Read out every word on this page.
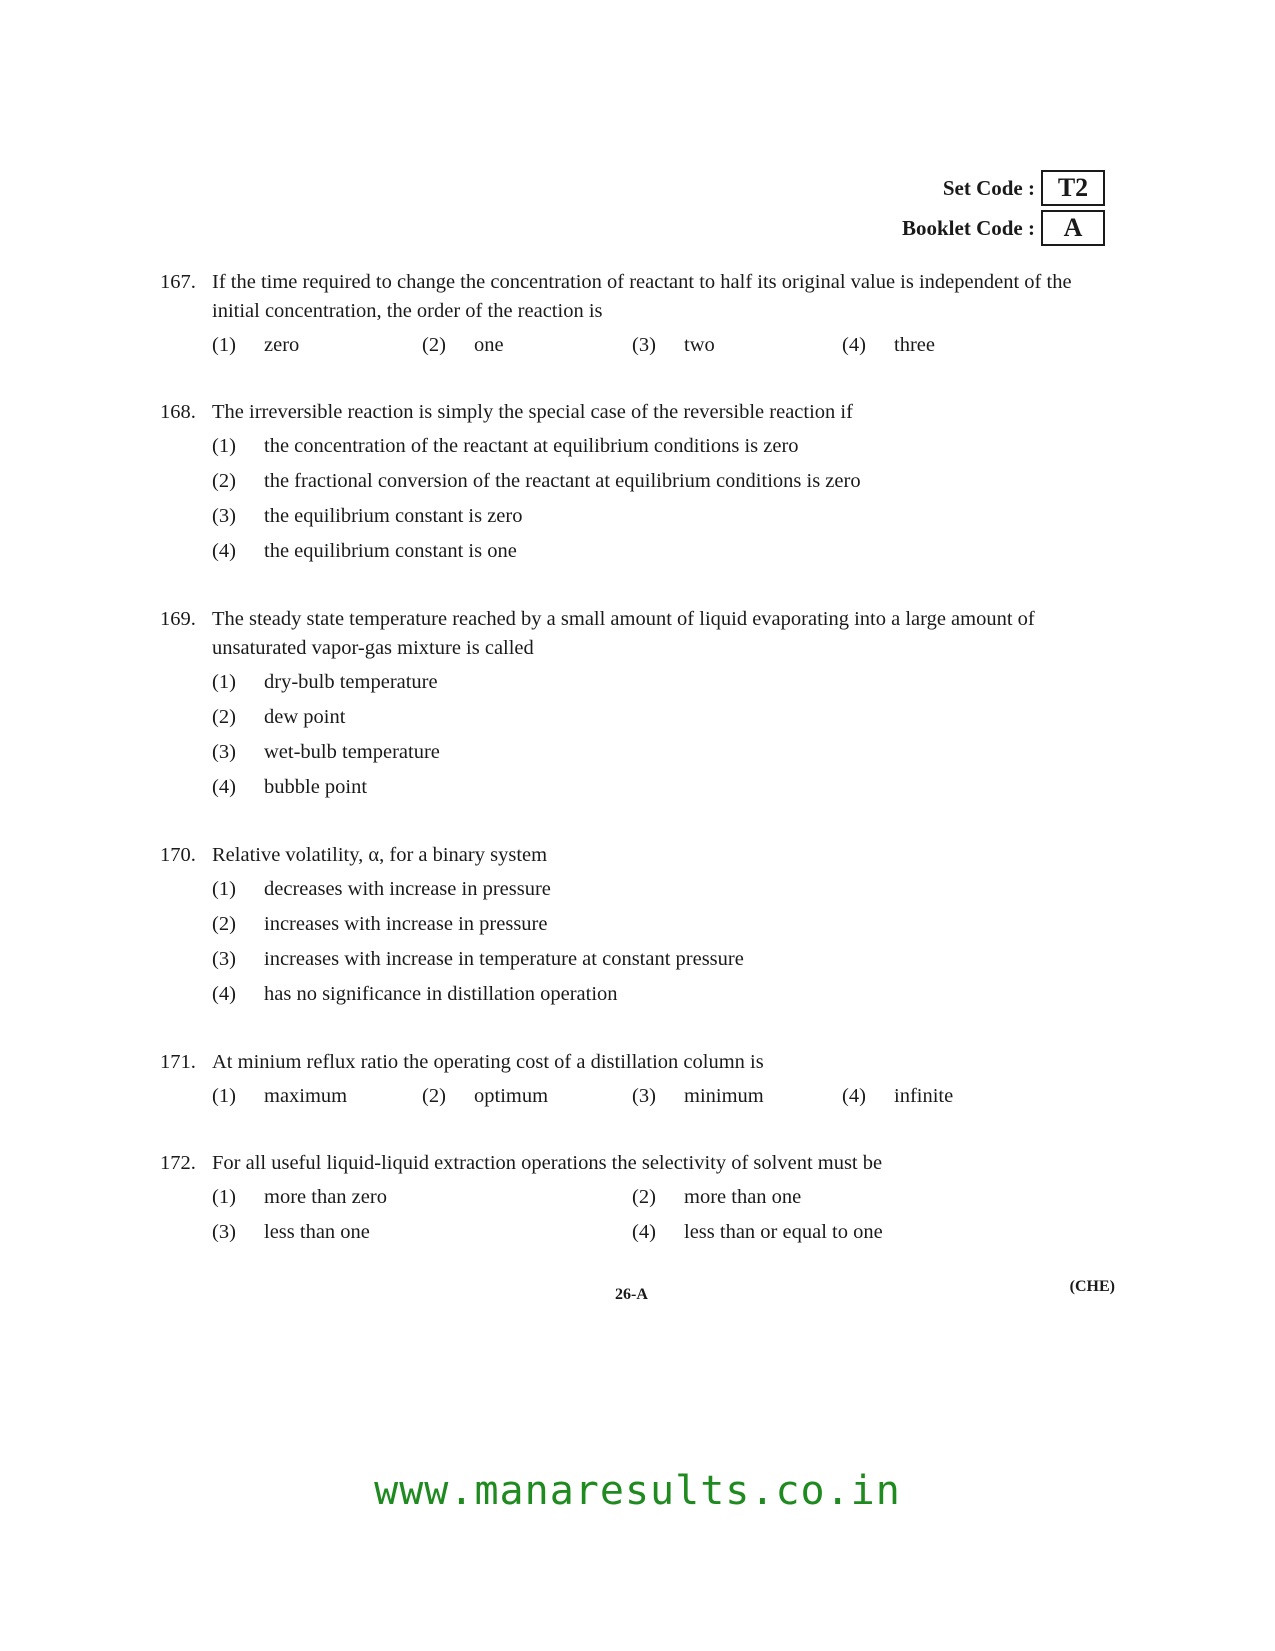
Set Code : T2
Booklet Code :	A
167. If the time required to change the concentration of reactant to half its original value is independent of the initial concentration, the order of the reaction is
(1)	zero	(2)	one	(3)	two	(4)	three
168. The irreversible reaction is simply the special case of the reversible reaction if
(1)	the concentration of the reactant at equilibrium conditions is zero
(2)	the fractional conversion of the reactant at equilibrium conditions is zero
(3)	the equilibrium constant is zero
(4)	the equilibrium constant is one
169. The steady state temperature reached by a small amount of liquid evaporating into a large amount of unsaturated vapor-gas mixture is called
(1)	dry-bulb temperature
(2)	dew point
(3)	wet-bulb temperature
(4)	bubble point
170. Relative volatility, α, for a binary system
(1)	decreases with increase in pressure
(2)	increases with increase in pressure
(3)	increases with increase in temperature at constant pressure
(4)	has no significance in distillation operation
171. At minium reflux ratio the operating cost of a distillation column is
(1)	maximum	(2)	optimum	(3)	minimum	(4)	infinite
172. For all useful liquid-liquid extraction operations the selectivity of solvent must be
(1)	more than zero	(2)	more than one
(3)	less than one	(4)	less than or equal to one
26-A	(CHE)
www.manaresults.co.in
